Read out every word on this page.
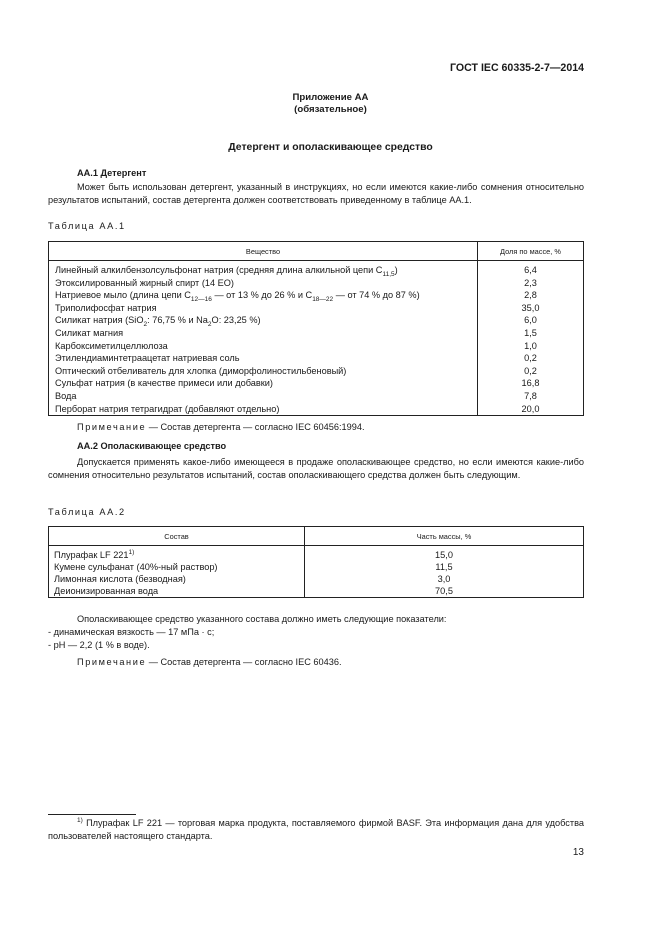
ГОСТ IEC 60335-2-7—2014
Приложение АА
(обязательное)
Детергент и ополаскивающее средство
АА.1 Детергент
Может быть использован детергент, указанный в инструкциях, но если имеются какие-либо сомнения относительно результатов испытаний, состав детергента должен соответствовать приведенному в таблице АА.1.
Таблица АА.1
Вещество	Доля по массе, %
Линейный алкилбензолсульфонат натрия (средняя длина алкильной цепи $C_{11,5}$)	6,4
Этоксилированный жирный спирт (14 ЕО)	2,3
Натриевое мыло (длина цепи $C_{12—16}$ — от 13 % до 26 % и $C_{18—22}$ — от 74 % до 87 %)	2,8
Триполифосфат натрия	35,0
Силикат натрия (SiO$_2$: 76,75 % и $Na_2O$: 23,25 %)	6,0
Силикат магния	1,5
Карбоксиметилцеллюлоза	1,0
Этилендиаминтетраацетат натриевая соль	0,2
Оптический отбеливатель для хлопка (диморфолиностильбеновый)	0,2
Сульфат натрия (в качестве примеси или добавки)	16,8
Вода	7,8
Перборат натрия тетрагидрат (добавляют отдельно)	20,0
Примечание — Состав детергента — согласно IEC 60456:1994.
АА.2 Ополаскивающее средство
Допускается применять какое-либо имеющееся в продаже ополаскивающее средство, но если имеются какие-либо сомнения относительно результатов испытаний, состав ополаскивающего средства должен быть следующим.
Таблица АА.2
Состав	Часть массы, %
Плурафак LF 221$^{1)}$	15,0
Кумене сульфанат (40%-ный раствор)	11,5
Лимонная кислота (безводная)	3,0
Деионизированная вода	70,5
Ополаскивающее средство указанного состава должно иметь следующие показатели:
- динамическая вязкость — 17 мПа · с;
- pH — 2,2 (1 % в воде).
Примечание — Состав детергента — согласно IEC 60436.
$^{1)}$ Плурафак LF 221 — торговая марка продукта, поставляемого фирмой BASF. Эта информация дана для удобства пользователей настоящего стандарта.
13
